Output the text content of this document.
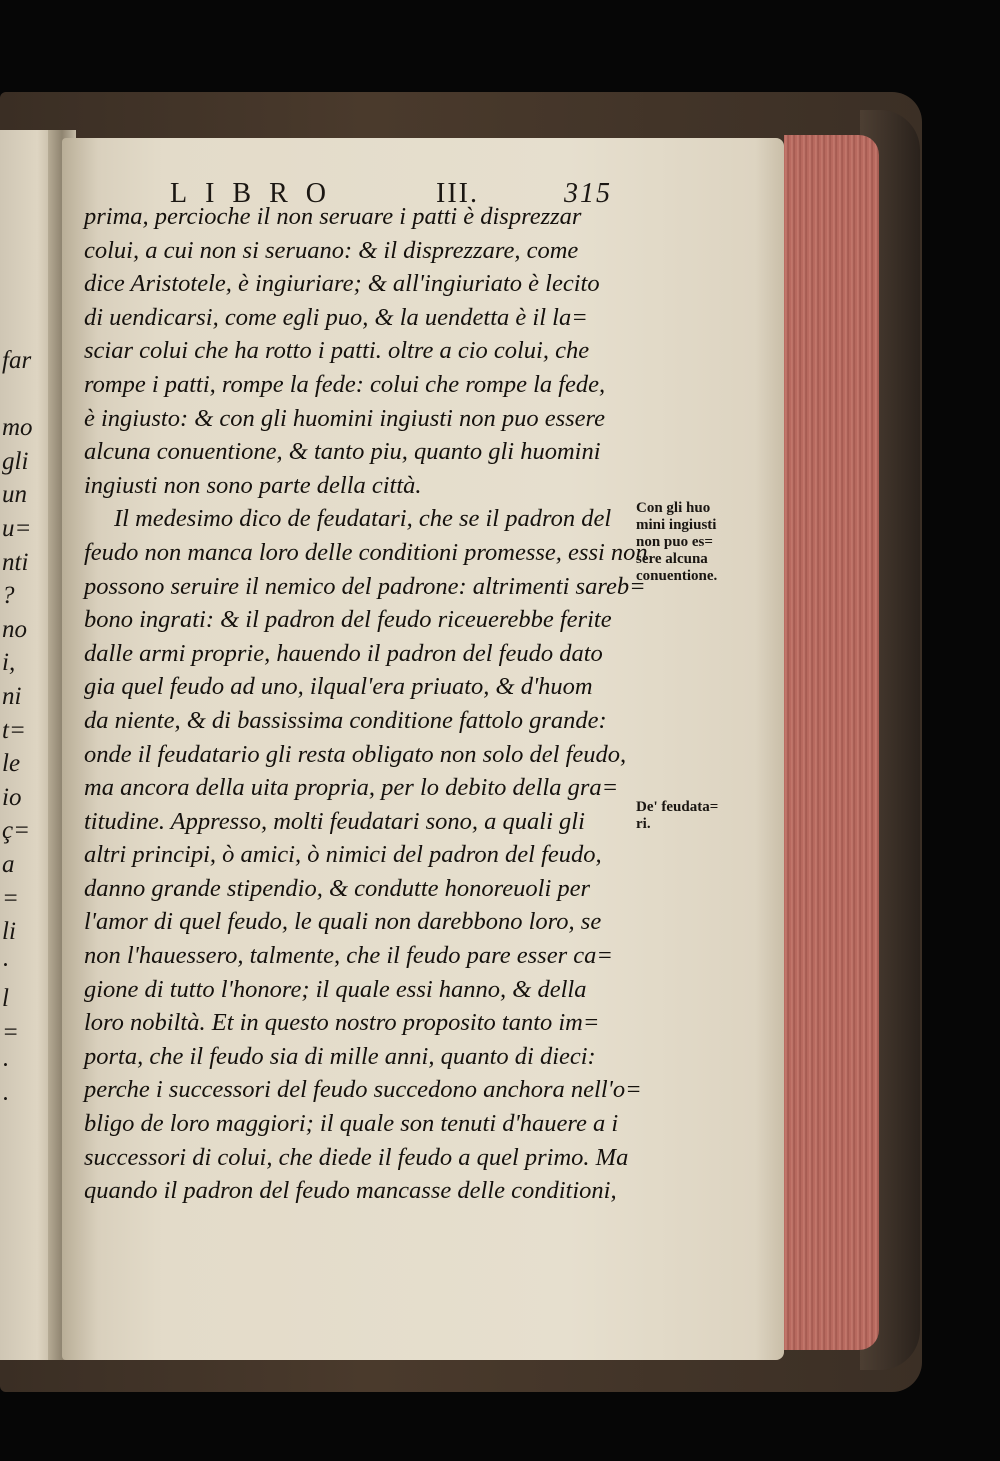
far
mo
gli
un
u=
nti
?
no
i,
ni
t=
le
io
ç=
a
=
li
·
l
=
·
·
LIBRO	III.	315
prima, percioche il non seruare i patti è disprezzar
colui, a cui non si seruano: & il disprezzare, come
dice Aristotele, è ingiuriare; & all'ingiuriato è lecito
di uendicarsi, come egli puo, & la uendetta è il la=
sciar colui che ha rotto i patti. oltre a cio colui, che
rompe i patti, rompe la fede: colui che rompe la fede,
è ingiusto: & con gli huomini ingiusti non puo essere
alcuna conuentione, & tanto piu, quanto gli huomini
ingiusti non sono parte della città.
Il medesimo dico de feudatari, che se il padron del
feudo non manca loro delle conditioni promesse, essi non
possono seruire il nemico del padrone: altrimenti sareb=
bono ingrati: & il padron del feudo riceuerebbe ferite
dalle armi proprie, hauendo il padron del feudo dato
gia quel feudo ad uno, ilqual'era priuato, & d'huom
da niente, & di bassissima conditione fattolo grande:
onde il feudatario gli resta obligato non solo del feudo,
ma ancora della uita propria, per lo debito della gra=
titudine. Appresso, molti feudatari sono, a quali gli
altri principi, ò amici, ò nimici del padron del feudo,
danno grande stipendio, & condutte honoreuoli per
l'amor di quel feudo, le quali non darebbono loro, se
non l'hauessero, talmente, che il feudo pare esser ca=
gione di tutto l'honore; il quale essi hanno, & della
loro nobiltà. Et in questo nostro proposito tanto im=
porta, che il feudo sia di mille anni, quanto di dieci:
perche i successori del feudo succedono anchora nell'o=
bligo de loro maggiori; il quale son tenuti d'hauere a i
successori di colui, che diede il feudo a quel primo. Ma
quando il padron del feudo mancasse delle conditioni,
Con gli huo
mini ingiusti
non puo es=
sere alcuna
conuentione.
De' feudata=
ri.
